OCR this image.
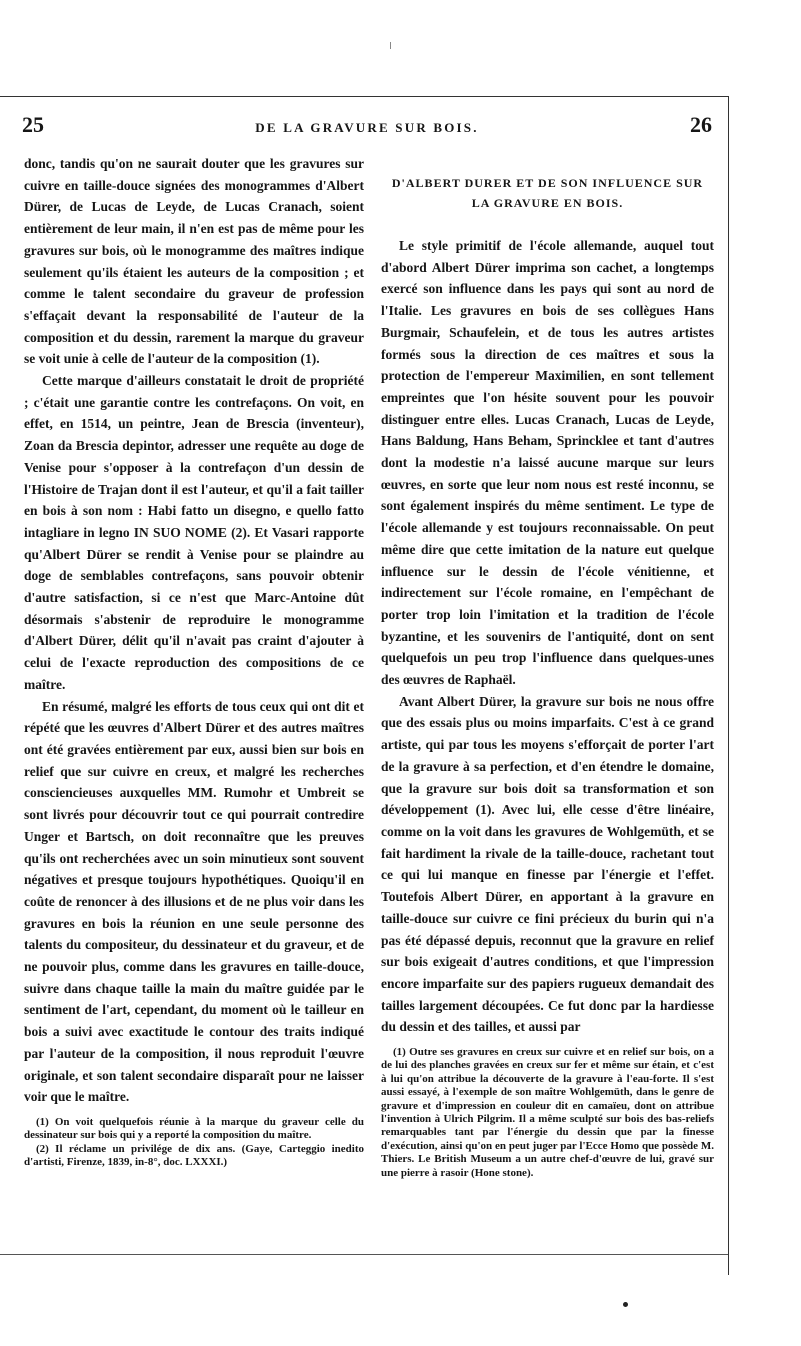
25	DE LA GRAVURE SUR BOIS.	26

donc, tandis qu'on ne saurait douter que les gravures sur cuivre en taille-douce signées des monogrammes d'Albert Dürer, de Lucas de Leyde, de Lucas Cranach, soient entièrement de leur main, il n'en est pas de même pour les gravures sur bois, où le monogramme des maîtres indique seulement qu'ils étaient les auteurs de la composition ; et comme le talent secondaire du graveur de profession s'effaçait devant la responsabilité de l'auteur de la composition et du dessin, rarement la marque du graveur se voit unie à celle de l'auteur de la composition (1).

Cette marque d'ailleurs constatait le droit de propriété ; c'était une garantie contre les contrefaçons. On voit, en effet, en 1514, un peintre, Jean de Brescia (inventeur), Zoan da Brescia depintor, adresser une requête au doge de Venise pour s'opposer à la contrefaçon d'un dessin de l'Histoire de Trajan dont il est l'auteur, et qu'il a fait tailler en bois à son nom : Habi fatto un disegno, e quello fatto intagliare in legno IN SUO NOME (2). Et Vasari rapporte qu'Albert Dürer se rendit à Venise pour se plaindre au doge de semblables contrefaçons, sans pouvoir obtenir d'autre satisfaction, si ce n'est que Marc-Antoine dût désormais s'abstenir de reproduire le monogramme d'Albert Dürer, délit qu'il n'avait pas craint d'ajouter à celui de l'exacte reproduction des compositions de ce maître.

En résumé, malgré les efforts de tous ceux qui ont dit et répété que les œuvres d'Albert Dürer et des autres maîtres ont été gravées entièrement par eux, aussi bien sur bois en relief que sur cuivre en creux, et malgré les recherches consciencieuses auxquelles MM. Rumohr et Umbreit se sont livrés pour découvrir tout ce qui pourrait contredire Unger et Bartsch, on doit reconnaître que les preuves qu'ils ont recherchées avec un soin minutieux sont souvent négatives et presque toujours hypothétiques. Quoiqu'il en coûte de renoncer à des illusions et de ne plus voir dans les gravures en bois la réunion en une seule personne des talents du compositeur, du dessinateur et du graveur, et de ne pouvoir plus, comme dans les gravures en taille-douce, suivre dans chaque taille la main du maître guidée par le sentiment de l'art, cependant, du moment où le tailleur en bois a suivi avec exactitude le contour des traits indiqué par l'auteur de la composition, il nous reproduit l'œuvre originale, et son talent secondaire disparaît pour ne laisser voir que le maître.

(1) On voit quelquefois réunie à la marque du graveur celle du dessinateur sur bois qui y a reporté la composition du maître.

(2) Il réclame un privilége de dix ans. (Gaye, Carteggio inedito d'artisti, Firenze, 1839, in-8°, doc. LXXXI.)

D'ALBERT DURER ET DE SON INFLUENCE SUR
LA GRAVURE EN BOIS.

Le style primitif de l'école allemande, auquel tout d'abord Albert Dürer imprima son cachet, a longtemps exercé son influence dans les pays qui sont au nord de l'Italie. Les gravures en bois de ses collègues Hans Burgmair, Schaufelein, et de tous les autres artistes formés sous la direction de ces maîtres et sous la protection de l'empereur Maximilien, en sont tellement empreintes que l'on hésite souvent pour les pouvoir distinguer entre elles. Lucas Cranach, Lucas de Leyde, Hans Baldung, Hans Beham, Sprincklee et tant d'autres dont la modestie n'a laissé aucune marque sur leurs œuvres, en sorte que leur nom nous est resté inconnu, se sont également inspirés du même sentiment. Le type de l'école allemande y est toujours reconnaissable. On peut même dire que cette imitation de la nature eut quelque influence sur le dessin de l'école vénitienne, et indirectement sur l'école romaine, en l'empêchant de porter trop loin l'imitation et la tradition de l'école byzantine, et les souvenirs de l'antiquité, dont on sent quelquefois un peu trop l'influence dans quelques-unes des œuvres de Raphaël.

Avant Albert Dürer, la gravure sur bois ne nous offre que des essais plus ou moins imparfaits. C'est à ce grand artiste, qui par tous les moyens s'efforçait de porter l'art de la gravure à sa perfection, et d'en étendre le domaine, que la gravure sur bois doit sa transformation et son développement (1). Avec lui, elle cesse d'être linéaire, comme on la voit dans les gravures de Wohlgemüth, et se fait hardiment la rivale de la taille-douce, rachetant tout ce qui lui manque en finesse par l'énergie et l'effet. Toutefois Albert Dürer, en apportant à la gravure en taille-douce sur cuivre ce fini précieux du burin qui n'a pas été dépassé depuis, reconnut que la gravure en relief sur bois exigeait d'autres conditions, et que l'impression encore imparfaite sur des papiers rugueux demandait des tailles largement découpées. Ce fut donc par la hardiesse du dessin et des tailles, et aussi par

(1) Outre ses gravures en creux sur cuivre et en relief sur bois, on a de lui des planches gravées en creux sur fer et même sur étain, et c'est à lui qu'on attribue la découverte de la gravure à l'eau-forte. Il s'est aussi essayé, à l'exemple de son maître Wohlgemüth, dans le genre de gravure et d'impression en couleur dit en camaïeu, dont on attribue l'invention à Ulrich Pilgrim. Il a même sculpté sur bois des bas-reliefs remarquables tant par l'énergie du dessin que par la finesse d'exécution, ainsi qu'on en peut juger par l'Ecce Homo que possède M. Thiers. Le British Museum a un autre chef-d'œuvre de lui, gravé sur une pierre à rasoir (Hone stone).
